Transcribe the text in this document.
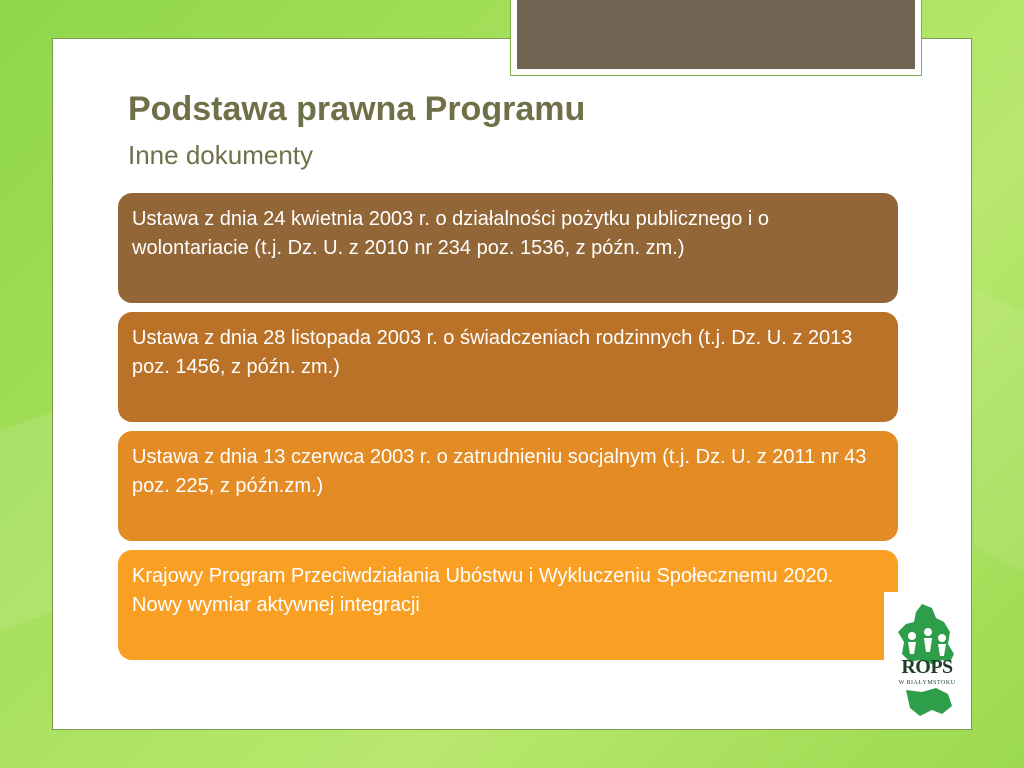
Podstawa prawna Programu
Inne dokumenty
Ustawa z dnia 24 kwietnia 2003 r. o działalności pożytku publicznego i o wolontariacie (t.j. Dz. U. z 2010 nr 234 poz. 1536, z późn. zm.)
Ustawa z dnia 28 listopada 2003 r. o świadczeniach rodzinnych (t.j. Dz. U. z 2013 poz. 1456, z późn. zm.)
Ustawa z dnia 13 czerwca 2003 r. o zatrudnieniu socjalnym (t.j. Dz. U. z 2011 nr 43 poz. 225, z późn.zm.)
Krajowy Program Przeciwdziałania Ubóstwu i Wykluczeniu Społecznemu 2020. Nowy wymiar aktywnej integracji
ROPS
W BIAŁYMSTOKU
